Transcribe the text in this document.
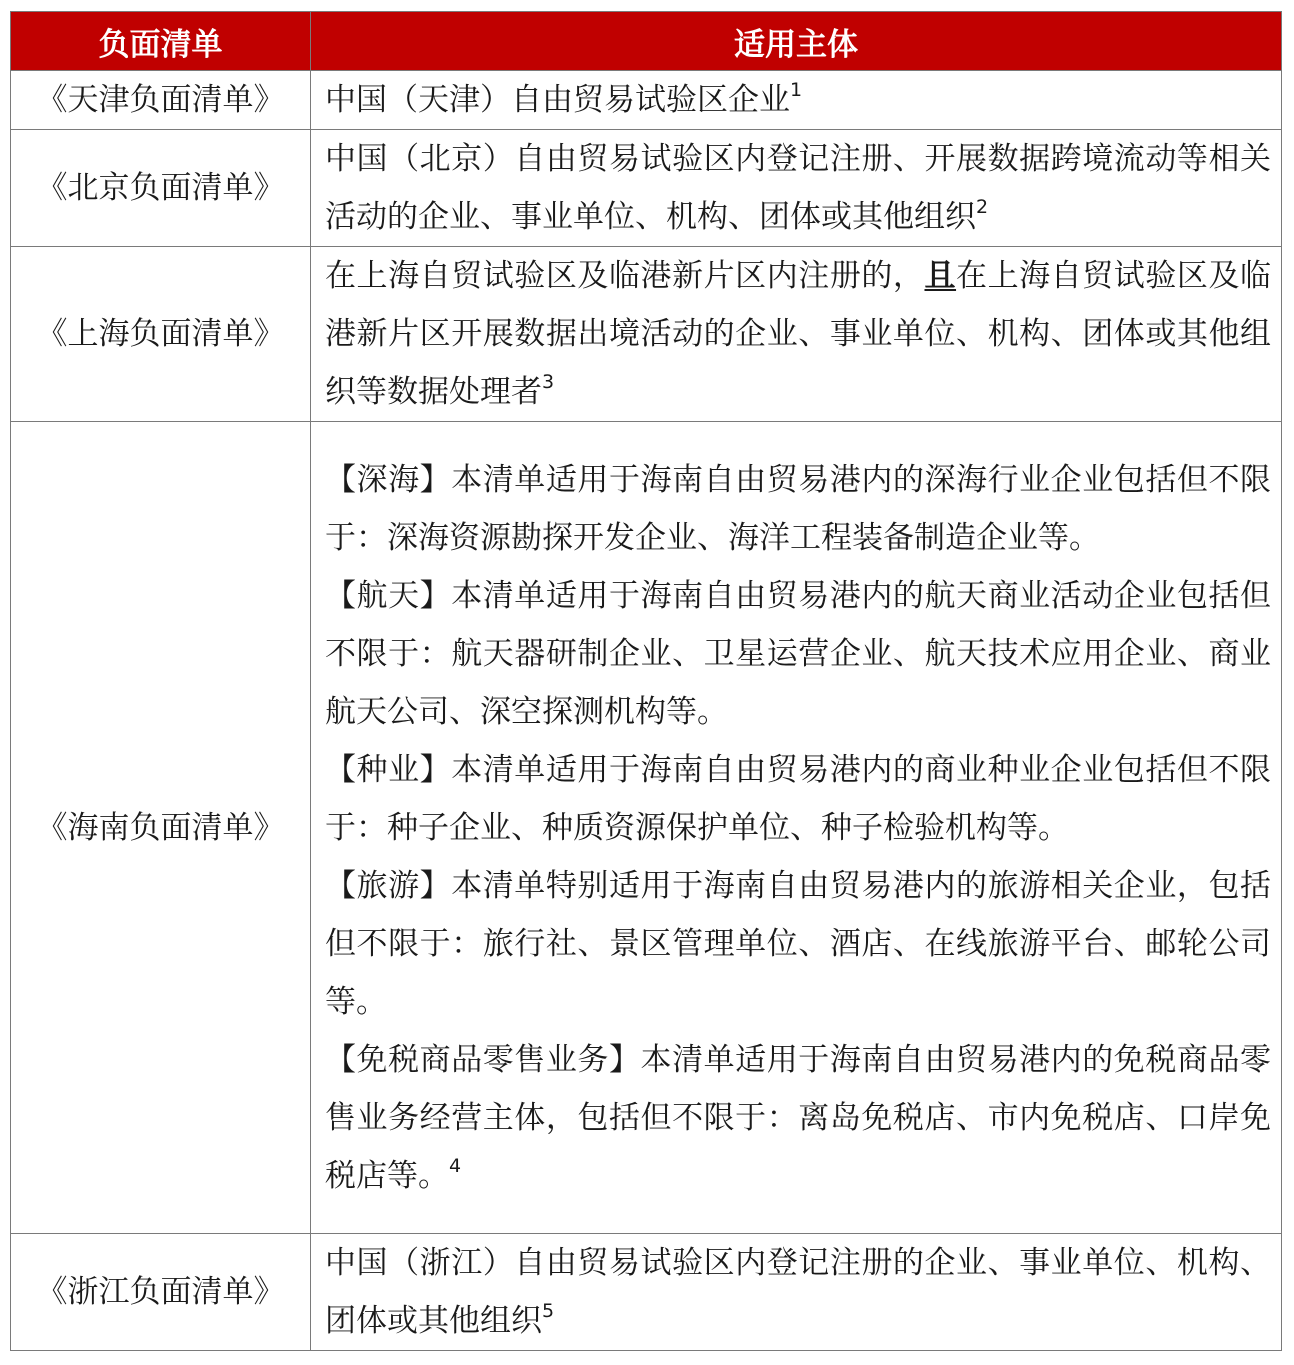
负面清单	适用主体
《天津负面清单》	中国（天津）自由贸易试验区企业$^1$
《北京负面清单》	中国（北京）自由贸易试验区内登记注册、开展数据跨境流动等相关活动的企业、事业单位、机构、团体或其他组织$^2$
《上海负面清单》	在上海自贸试验区及临港新片区内注册的，且在上海自贸试验区及临港新片区开展数据出境活动的企业、事业单位、机构、团体或其他组织等数据处理者$^3$
《海南负面清单》	【深海】本清单适用于海南自由贸易港内的深海行业企业包括但不限于：深海资源勘探开发企业、海洋工程装备制造企业等。

【航天】本清单适用于海南自由贸易港内的航天商业活动企业包括但不限于：航天器研制企业、卫星运营企业、航天技术应用企业、商业航天公司、深空探测机构等。

【种业】本清单适用于海南自由贸易港内的商业种业企业包括但不限于：种子企业、种质资源保护单位、种子检验机构等。

【旅游】本清单特别适用于海南自由贸易港内的旅游相关企业，包括但不限于：旅行社、景区管理单位、酒店、在线旅游平台、邮轮公司等。

【免税商品零售业务】本清单适用于海南自由贸易港内的免税商品零售业务经营主体，包括但不限于：离岛免税店、市内免税店、口岸免税店等。$^4$

《浙江负面清单》	中国（浙江）自由贸易试验区内登记注册的企业、事业单位、机构、团体或其他组织$^5$
